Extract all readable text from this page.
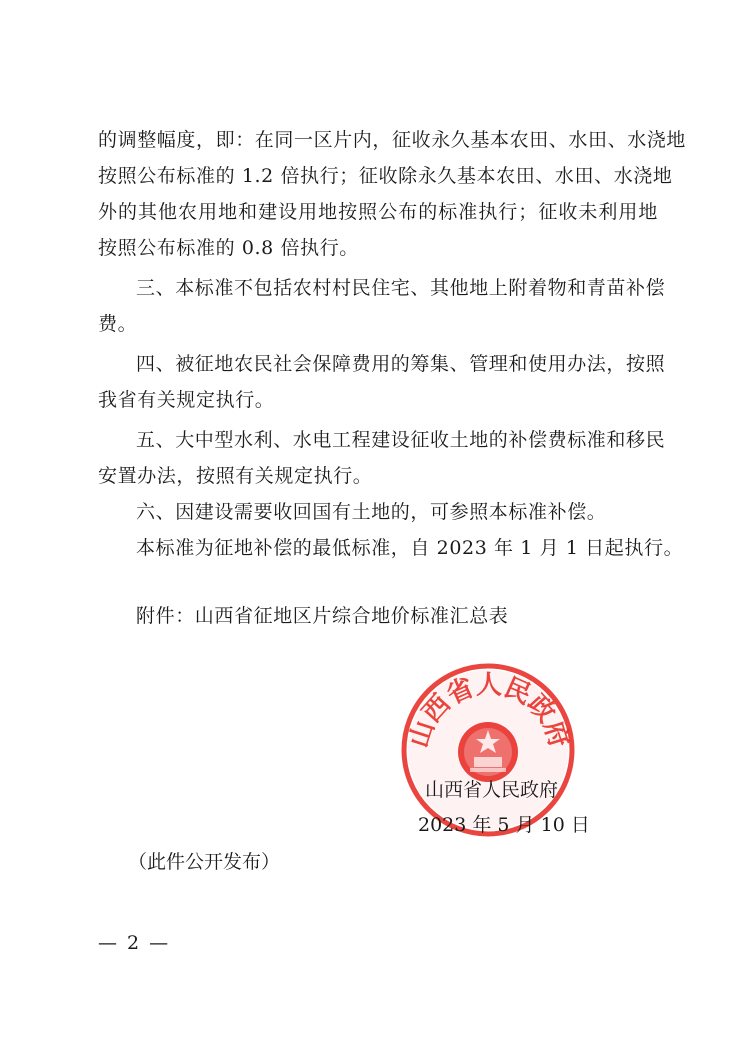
的调整幅度，即：在同一区片内，征收永久基本农田、水田、水浇地
按照公布标准的 1.2 倍执行；征收除永久基本农田、水田、水浇地
外的其他农用地和建设用地按照公布的标准执行；征收未利用地
按照公布标准的 0.8 倍执行。
三、本标准不包括农村村民住宅、其他地上附着物和青苗补偿
费。
四、被征地农民社会保障费用的筹集、管理和使用办法，按照
我省有关规定执行。
五、大中型水利、水电工程建设征收土地的补偿费标准和移民
安置办法，按照有关规定执行。
六、因建设需要收回国有土地的，可参照本标准补偿。
本标准为征地补偿的最低标准，自 2023 年 1 月 1 日起执行。
附件：山西省征地区片综合地价标准汇总表
山西省人民政府
山西省人民政府
2023 年 5 月 10 日
（此件公开发布）
— 2 —
